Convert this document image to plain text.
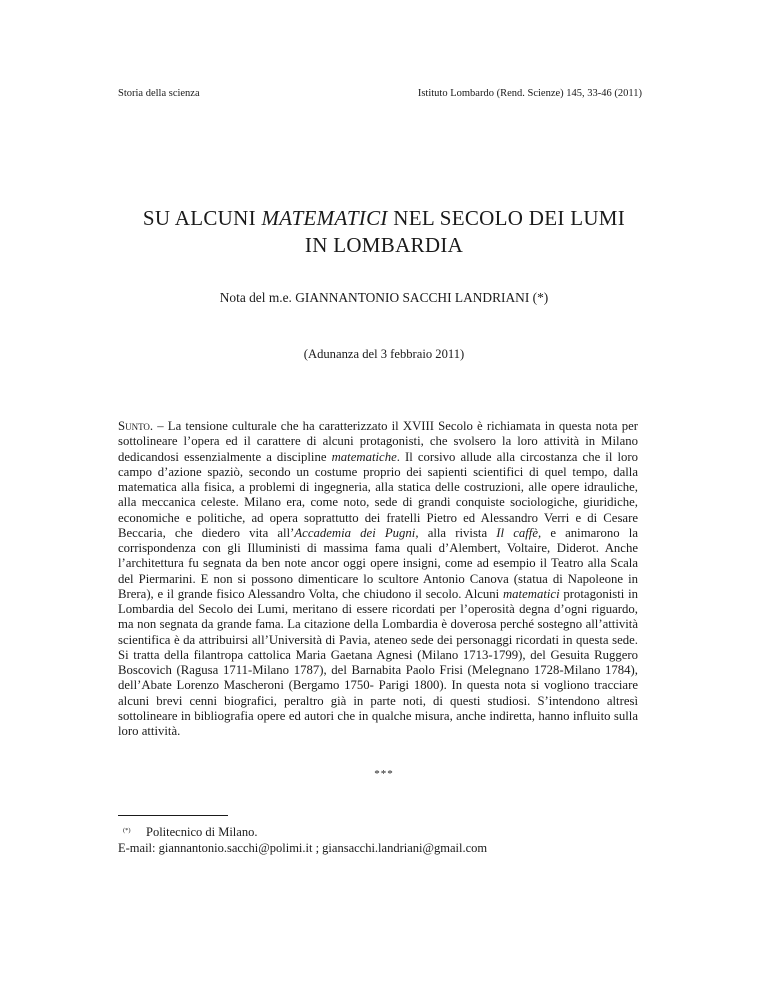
Storia della scienza	Istituto Lombardo (Rend. Scienze) 145, 33-46 (2011)
SU ALCUNI MATEMATICI NEL SECOLO DEI LUMI
IN LOMBARDIA
Nota del m.e. GIANNANTONIO SACCHI LANDRIANI (*)
(Adunanza del 3 febbraio 2011)
Sunto. – La tensione culturale che ha caratterizzato il XVIII Secolo è richiamata in questa nota per sottolineare l’opera ed il carattere di alcuni protagonisti, che svolsero la loro attività in Milano dedicandosi essenzialmente a discipline matematiche. Il corsivo allude alla circostanza che il loro campo d’azione spaziò, secondo un costume proprio dei sapienti scientifici di quel tempo, dalla matematica alla fisica, a problemi di ingegneria, alla statica delle costruzioni, alle opere idrauliche, alla meccanica celeste. Milano era, come noto, sede di grandi conquiste sociologiche, giuridiche, economiche e politiche, ad opera soprattutto dei fratelli Pietro ed Alessandro Verri e di Cesare Beccaria, che diedero vita all’Accademia dei Pugni, alla rivista Il caffè, e animarono la corrispondenza con gli Illuministi di massima fama quali d’Alembert, Voltaire, Diderot. Anche l’architettura fu segnata da ben note ancor oggi opere insigni, come ad esempio il Teatro alla Scala del Piermarini. E non si possono dimenticare lo scultore Antonio Canova (statua di Napoleone in Brera), e il grande fisico Alessandro Volta, che chiudono il secolo. Alcuni matematici protagonisti in Lombardia del Secolo dei Lumi, meritano di essere ricordati per l’operosità degna d’ogni riguardo, ma non segnata da grande fama. La citazione della Lombardia è doverosa perché sostegno all’attività scientifica è da attribuirsi all’Università di Pavia, ateneo sede dei personaggi ricordati in questa sede. Si tratta della filantropa cattolica Maria Gaetana Agnesi (Milano 1713-1799), del Gesuita Ruggero Boscovich (Ragusa 1711-Milano 1787), del Barnabita Paolo Frisi (Melegnano 1728-Milano 1784), dell’Abate Lorenzo Mascheroni (Bergamo 1750- Parigi 1800). In questa nota si vogliono tracciare alcuni brevi cenni biografici, peraltro già in parte noti, di questi studiosi. S’intendono altresì sottolineare in bibliografia opere ed autori che in qualche misura, anche indiretta, hanno influito sulla loro attività.
***
(*) Politecnico di Milano.
E-mail: giannantonio.sacchi@polimi.it ; giansacchi.landriani@gmail.com
